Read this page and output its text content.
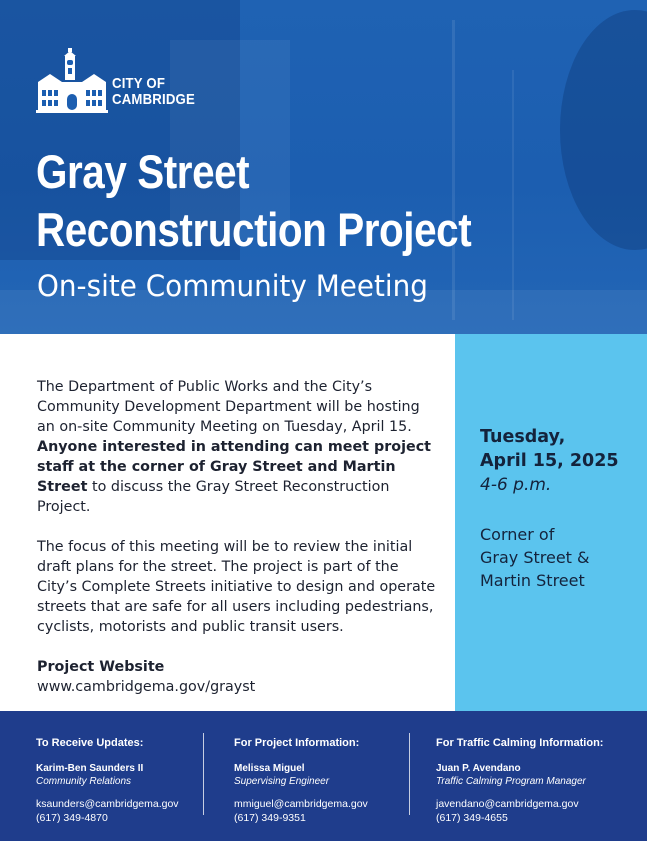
CITY OF
CAMBRIDGE
Gray Street
Reconstruction Project
On-site Community Meeting

The Department of Public Works and the City’s Community Development Department will be hosting an on-site Community Meeting on Tuesday, April 15. Anyone interested in attending can meet project staff at the corner of Gray Street and Martin Street to discuss the Gray Street Reconstruction Project.

The focus of this meeting will be to review the initial draft plans for the street. The project is part of the City’s Complete Streets initiative to design and operate streets that are safe for all users including pedestrians, cyclists, motorists and public transit users.

Project Website
www.cambridgema.gov/grayst
Tuesday,
April 15, 2025
4-6 p.m.
Corner of
Gray Street &
Martin Street
To Receive Updates:
Karim-Ben Saunders II
Community Relations
ksaunders@cambridgema.gov
(617) 349-4870
For Project Information:
Melissa Miguel
Supervising Engineer
mmiguel@cambridgema.gov
(617) 349-9351
For Traffic Calming Information:
Juan P. Avendano
Traffic Calming Program Manager
javendano@cambridgema.gov
(617) 349-4655
